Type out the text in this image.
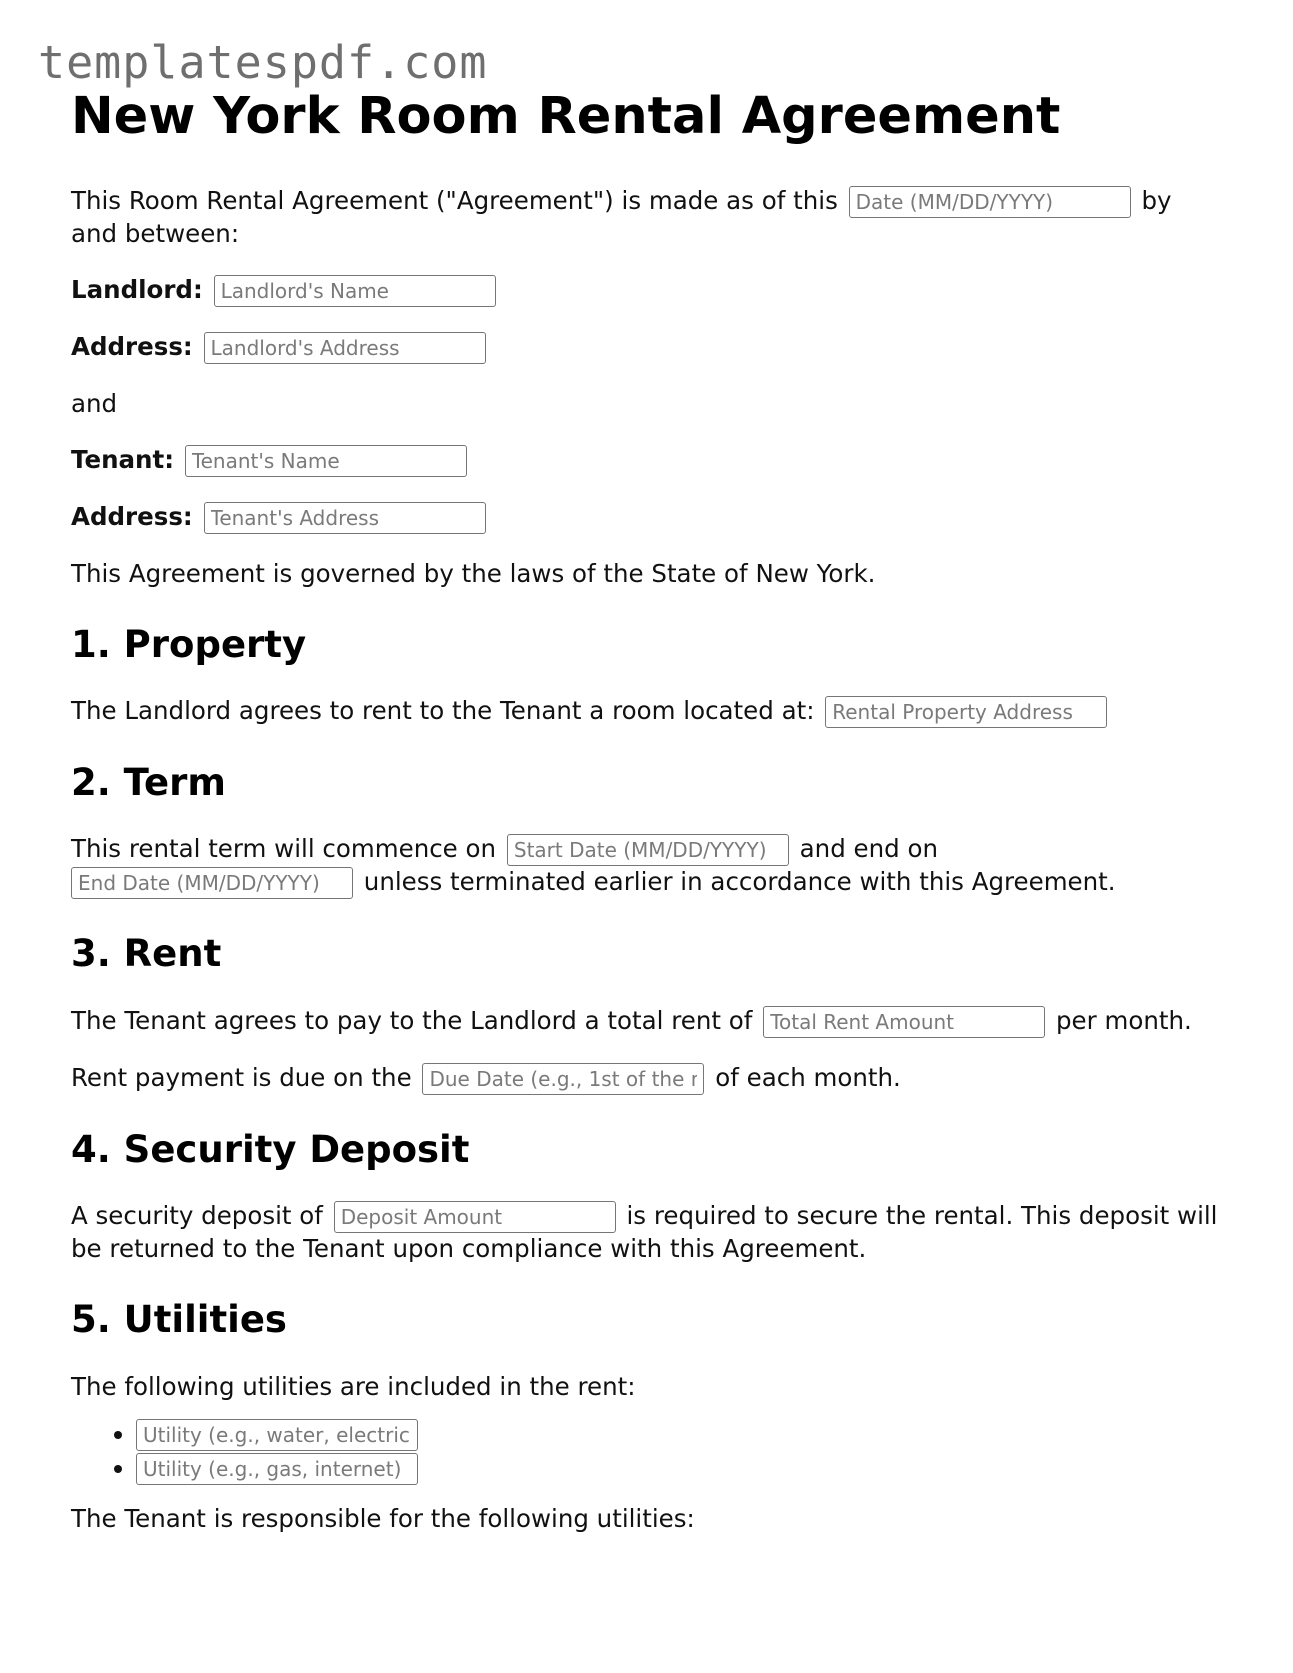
templatespdf.com
New York Room Rental Agreement

This Room Rental Agreement ("Agreement") is made as of this Date (MM/DD/YYYY)	by and between:

Landlord: Landlord's Name

Address: Landlord's Address

and

Tenant: Tenant's Name

Address: Tenant's Address

This Agreement is governed by the laws of the State of New York.

1. Property

The Landlord agrees to rent to the Tenant a room located at: Rental Property Address

2. Term

This rental term will commence on Start Date (MM/DD/YYYY)	and end on
End Date (MM/DD/YYYY) unless terminated earlier in accordance with this Agreement.

3. Rent

The Tenant agrees to pay to the Landlord a total rent of Total Rent Amount	per month.

Rent payment is due on the Due Date (e.g., 1st of the month)	of each month.

4. Security Deposit

A security deposit of Deposit Amount	is required to secure the rental. This deposit will be returned to the Tenant upon compliance with this Agreement.

5. Utilities

The following utilities are included in the rent:

• Utility (e.g., water, electricity)
• Utility (e.g., gas, internet)

The Tenant is responsible for the following utilities:
